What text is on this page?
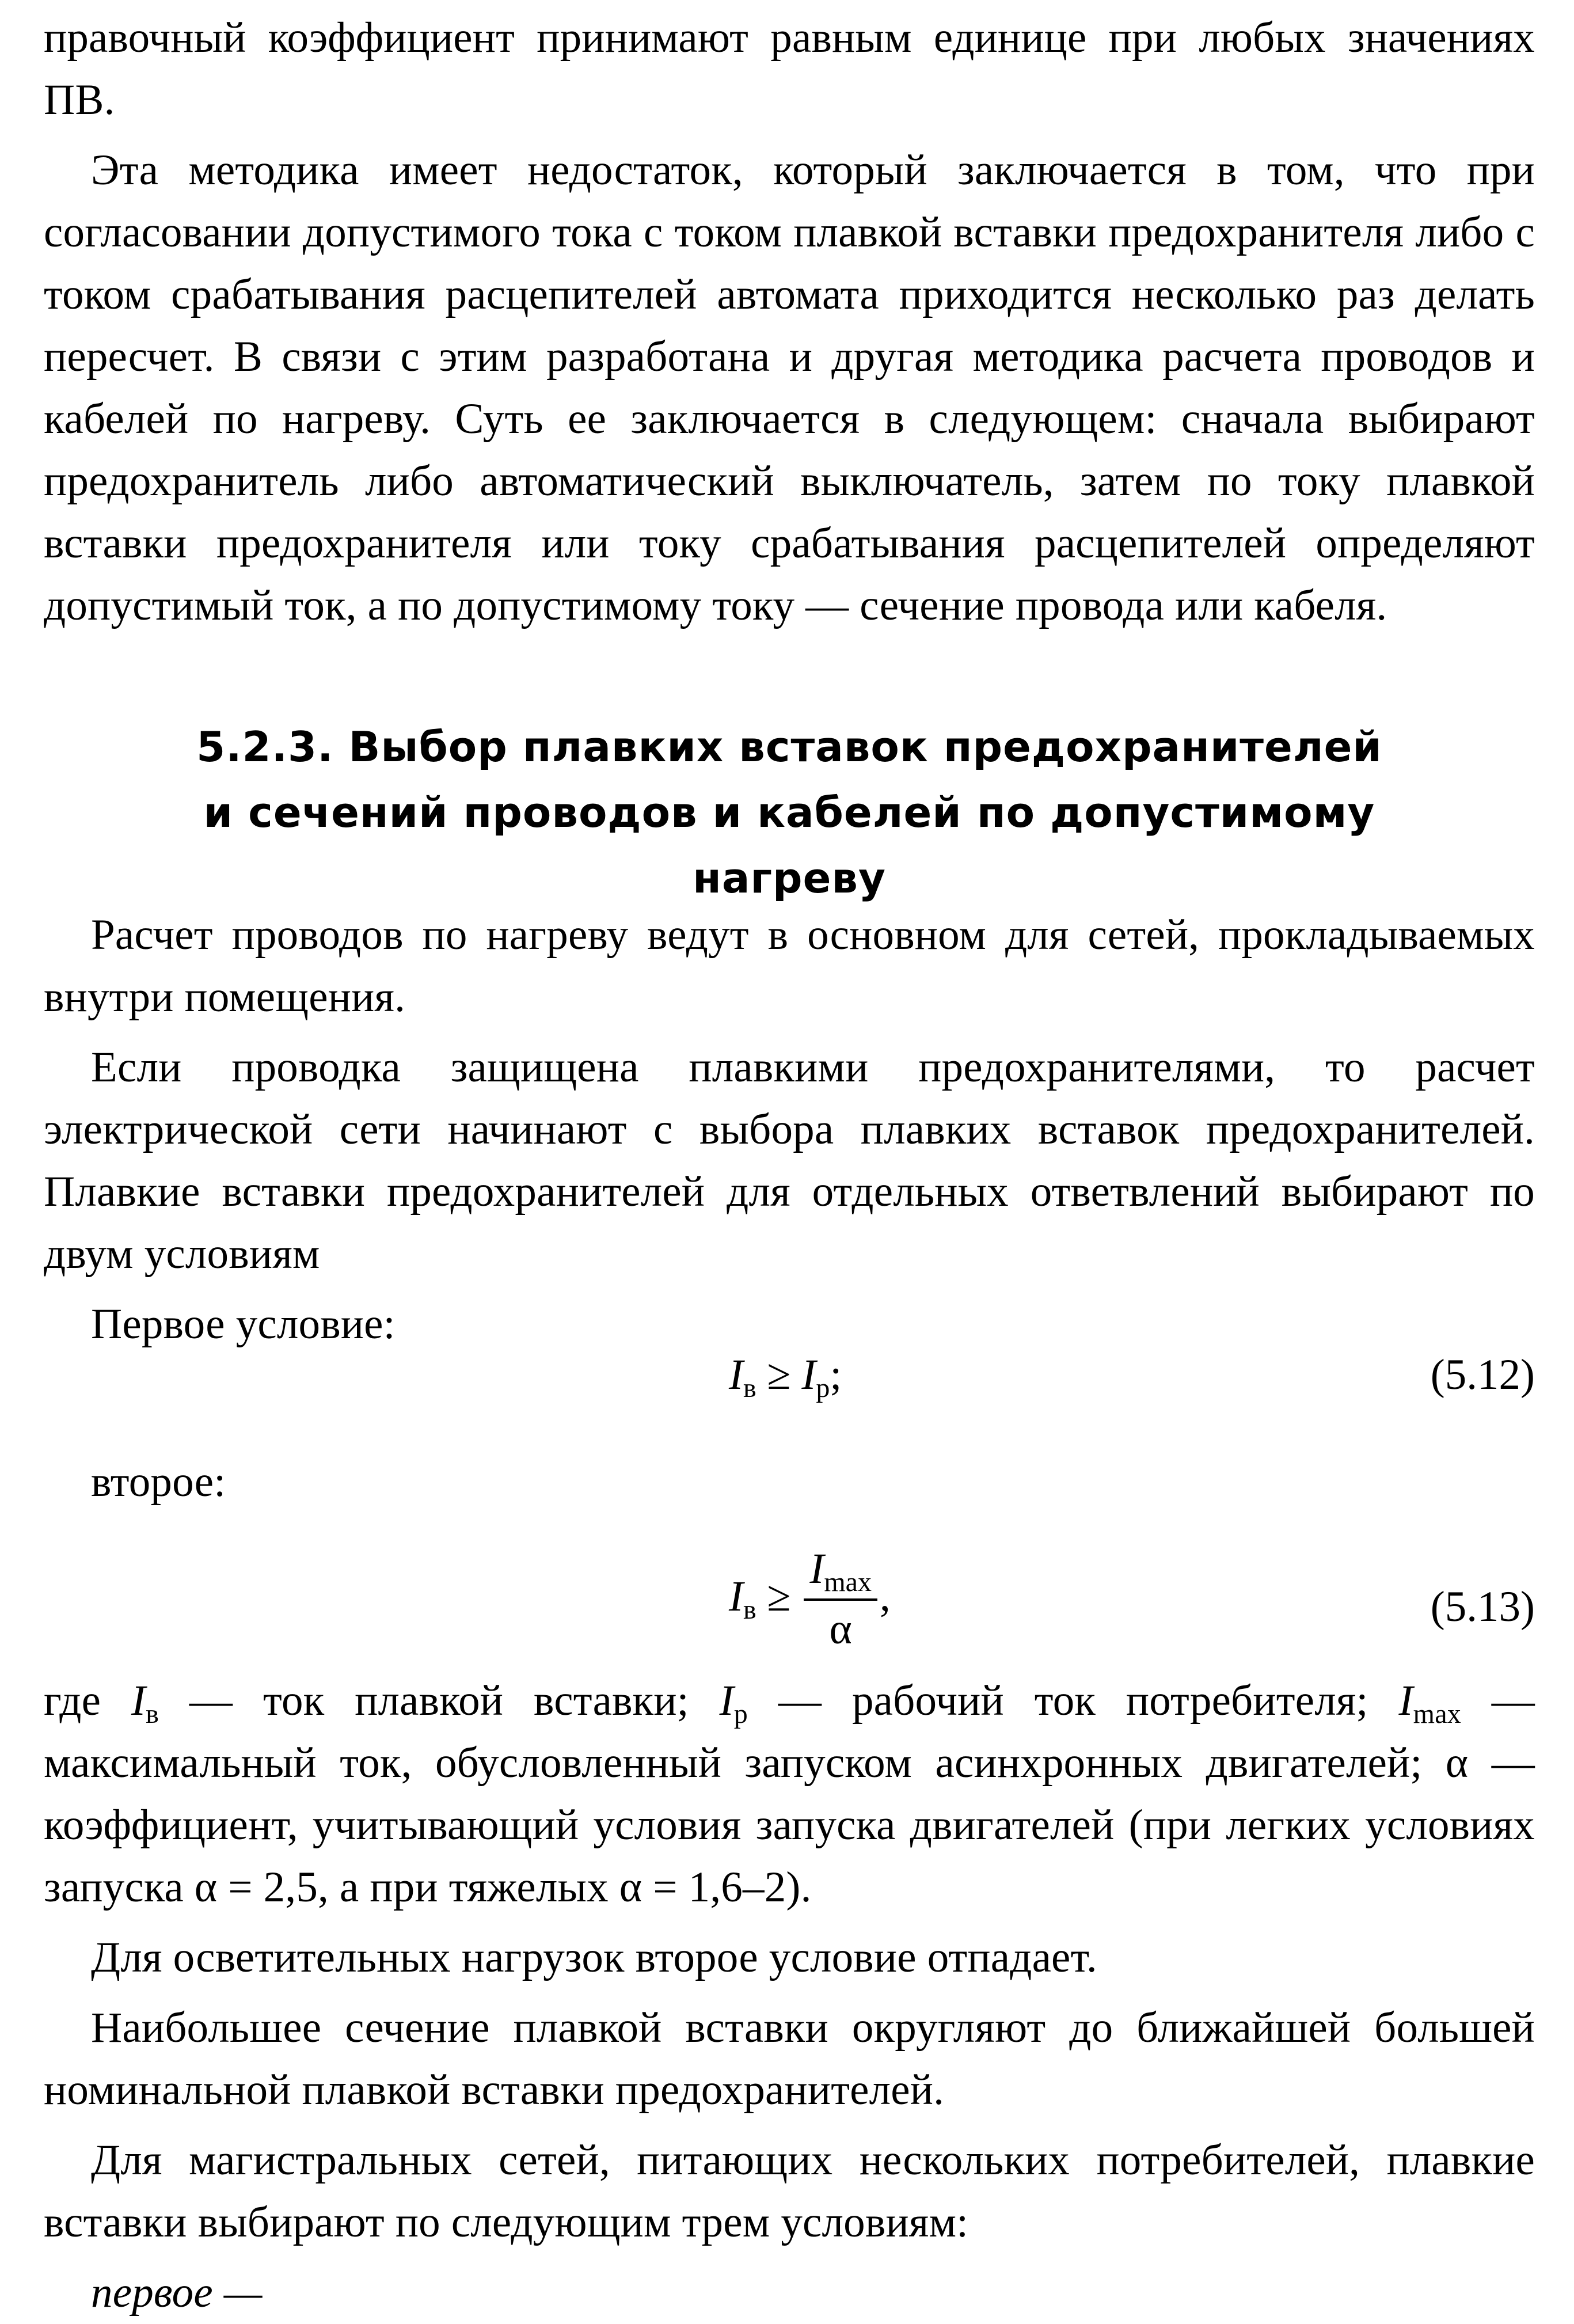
правочный коэффициент принимают равным единице при любых значениях ПВ.

Эта методика имеет недостаток, который заключается в том, что при согласовании допустимого тока с током плавкой вставки предохранителя либо с током срабатывания расцепителей автомата приходится несколько раз делать пересчет. В связи с этим разработана и другая методика расчета проводов и кабелей по нагреву. Суть ее заключается в следующем: сначала выбирают предохранитель либо автоматический выключатель, затем по току плавкой вставки предохранителя или току срабатывания расцепителей определяют допустимый ток, а по допустимому току — сечение провода или кабеля.

5.2.3. Выбор плавких вставок предохранителей
и сечений проводов и кабелей по допустимому
нагреву

Расчет проводов по нагреву ведут в основном для сетей, прокладываемых внутри помещения.

Если проводка защищена плавкими предохранителями, то расчет электрической сети начинают с выбора плавких вставок предохранителей. Плавкие вставки предохранителей для отдельных ответвлений выбирают по двум условиям

Первое условие:

$I_в \ge I_р$;	(5.12)

второе:

$I_в \ge \frac{I_{max}}{\alpha}$ ,	(5.13)

где $I_в$ — ток плавкой вставки; $I_р$ — рабочий ток потребителя; $I_{max}$ — максимальный ток, обусловленный запуском асинхронных двигателей; α — коэффициент, учитывающий условия запуска двигателей (при легких условиях запуска α = 2,5, а при тяжелых α = 1,6–2).

Для осветительных нагрузок второе условие отпадает.

Наибольшее сечение плавкой вставки округляют до ближайшей большей номинальной плавкой вставки предохранителей.

Для магистральных сетей, питающих нескольких потребителей, плавкие вставки выбирают по следующим трем условиям:

первое —
